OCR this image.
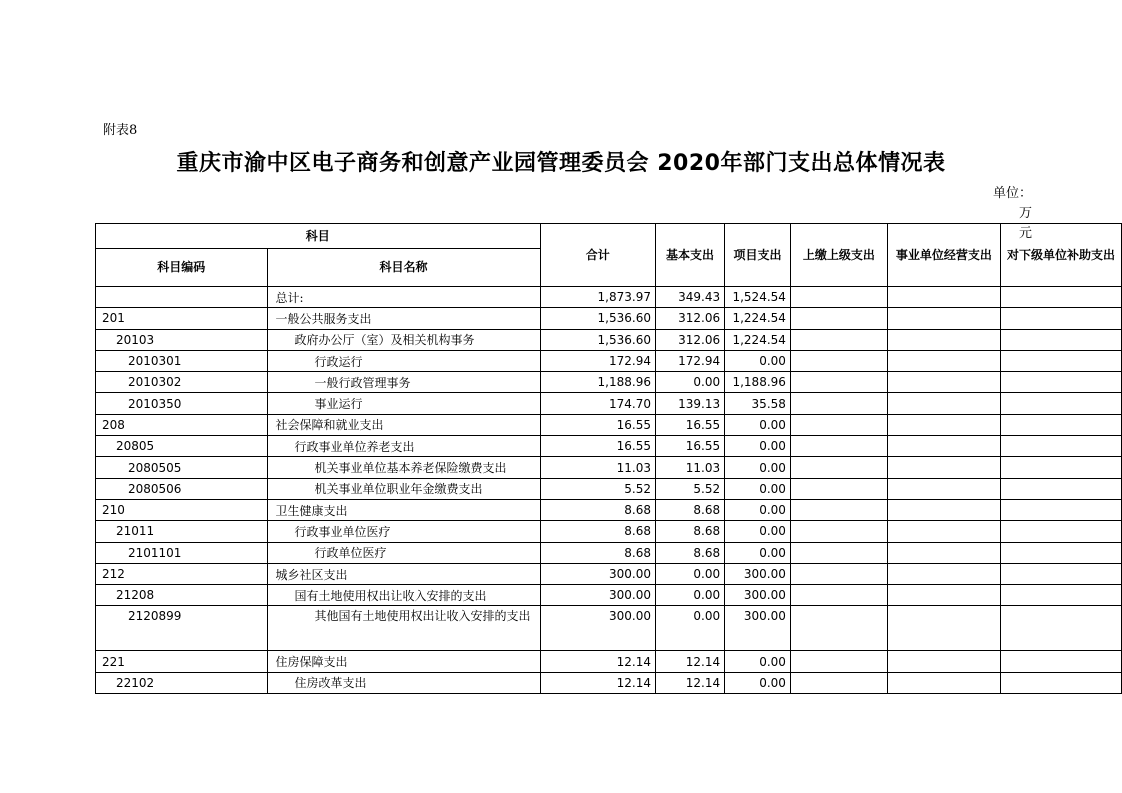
附表8
重庆市渝中区电子商务和创意产业园管理委员会 2020年部门支出总体情况表
单位：万
元
科目		合计	基本支出	项目支出	上缴上级支出	事业单位经营支出	对下级单位补助支出
科目编码	科目名称						
	总计:	1,873.97	349.43	1,524.54			
201	一般公共服务支出	1,536.60	312.06	1,224.54			
20103	政府办公厅（室）及相关机构事务	1,536.60	312.06	1,224.54			
2010301	行政运行	172.94	172.94	0.00			
2010302	一般行政管理事务	1,188.96	0.00	1,188.96			
2010350	事业运行	174.70	139.13	35.58			
208	社会保障和就业支出	16.55	16.55	0.00			
20805	行政事业单位养老支出	16.55	16.55	0.00			
2080505	机关事业单位基本养老保险缴费支出	11.03	11.03	0.00			
2080506	机关事业单位职业年金缴费支出	5.52	5.52	0.00			
210	卫生健康支出	8.68	8.68	0.00			
21011	行政事业单位医疗	8.68	8.68	0.00			
2101101	行政单位医疗	8.68	8.68	0.00			
212	城乡社区支出	300.00	0.00	300.00			
21208	国有土地使用权出让收入安排的支出	300.00	0.00	300.00			
2120899	其他国有土地使用权出让收入安排的支出	300.00	0.00	300.00			
221	住房保障支出	12.14	12.14	0.00			
22102	住房改革支出	12.14	12.14	0.00			
